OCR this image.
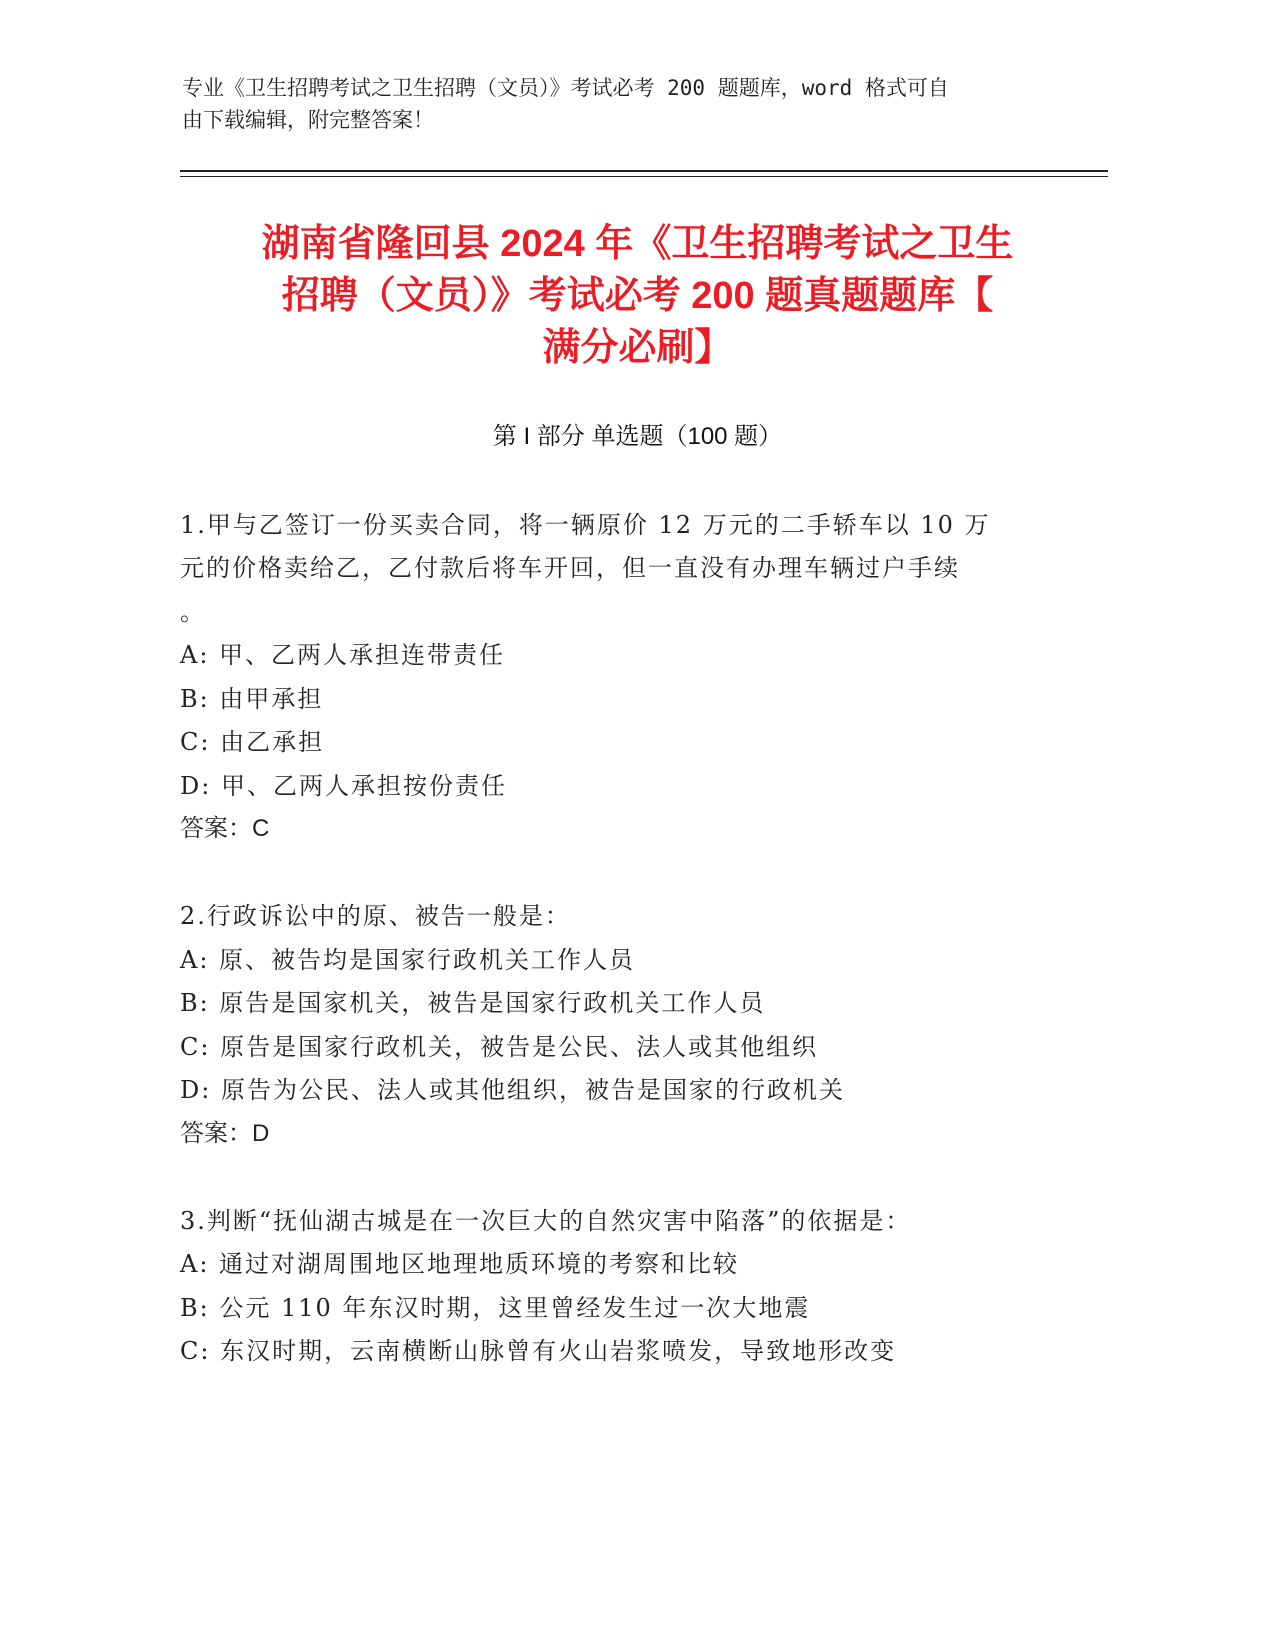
专业《卫生招聘考试之卫生招聘（文员）》考试必考 200 题题库，word 格式可自
由下载编辑，附完整答案！
湖南省隆回县 2024 年《卫生招聘考试之卫生
招聘（文员）》考试必考 200 题真题题库【
满分必刷】
第 I 部分 单选题（100 题）
1.甲与乙签订一份买卖合同，将一辆原价 12 万元的二手轿车以 10 万
元的价格卖给乙，乙付款后将车开回，但一直没有办理车辆过户手续
。
A: 甲、乙两人承担连带责任
B: 由甲承担
C: 由乙承担
D: 甲、乙两人承担按份责任
答案：C
2.行政诉讼中的原、被告一般是：
A: 原、被告均是国家行政机关工作人员
B: 原告是国家机关，被告是国家行政机关工作人员
C: 原告是国家行政机关，被告是公民、法人或其他组织
D: 原告为公民、法人或其他组织，被告是国家的行政机关
答案：D
3.判断“抚仙湖古城是在一次巨大的自然灾害中陷落”的依据是：
A: 通过对湖周围地区地理地质环境的考察和比较
B: 公元 110 年东汉时期，这里曾经发生过一次大地震
C: 东汉时期，云南横断山脉曾有火山岩浆喷发，导致地形改变
